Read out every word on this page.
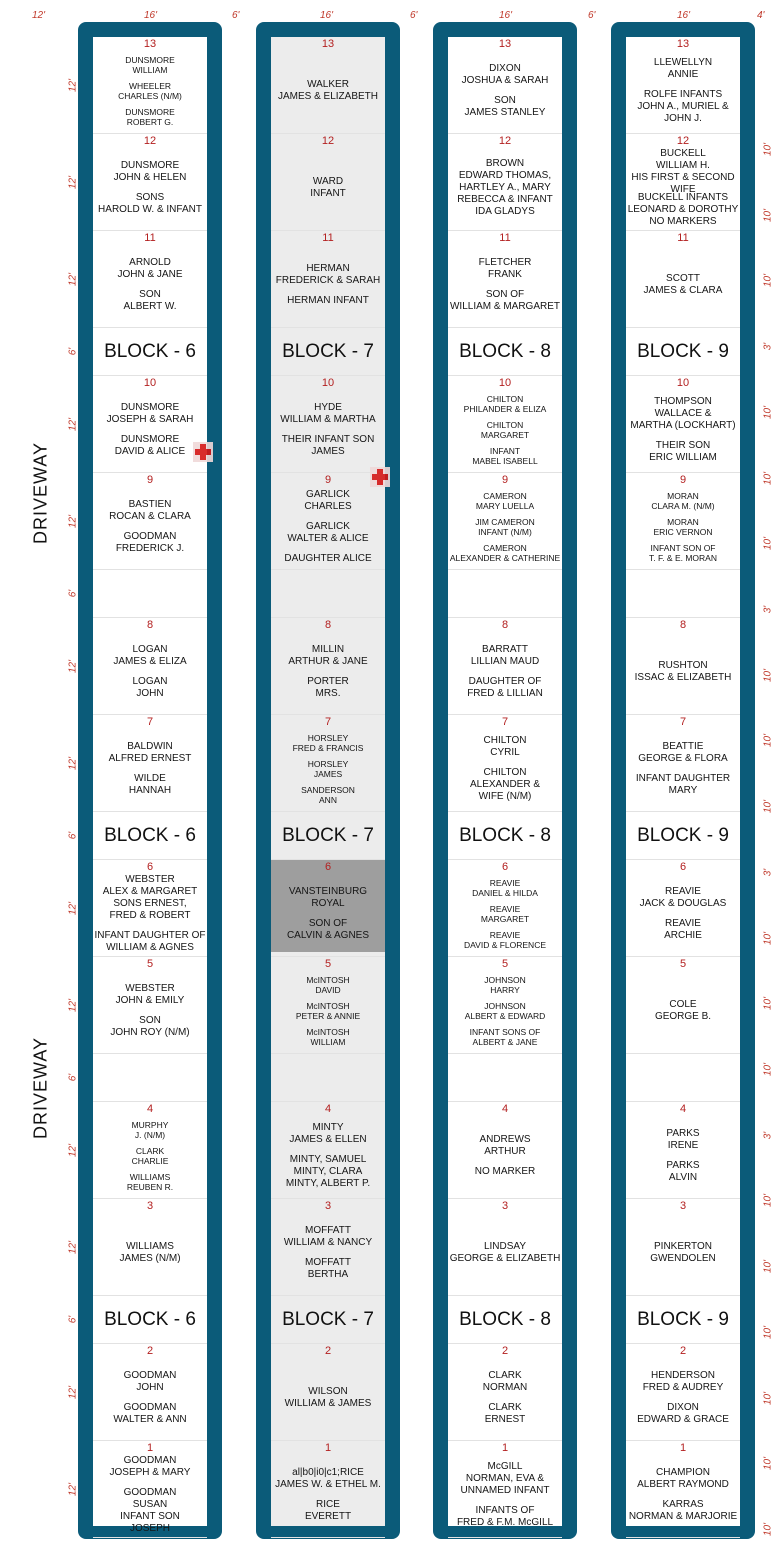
12'	16'	6'	16'	6'	16'	6'	16'	4'
12'
12'
12'
6'
12'
12'
6'
12'
12'
6'
12'
12'
6'
12'
12'
6'
12'
12'
10'
10'
10'
3'
10'
10'
10'
3'
10'
10'
10'
3'
10'
10'
10'
3'
10'
10'
10'
10'
10'
10'
DRIVEWAY
DRIVEWAY
BLOCK - 6
BLOCK - 6
BLOCK - 6
13
DUNSMORE
WILLIAM
WHEELER
CHARLES (N/M)
DUNSMORE
ROBERT G.
12
DUNSMORE
JOHN & HELEN
SONS
HAROLD W. & INFANT
11
ARNOLD
JOHN & JANE
SON
ALBERT W.
10
DUNSMORE
JOSEPH & SARAH
DUNSMORE
DAVID & ALICE
9
BASTIEN
ROCAN & CLARA
GOODMAN
FREDERICK J.
8
LOGAN
JAMES & ELIZA
LOGAN
JOHN
7
BALDWIN
ALFRED ERNEST
WILDE
HANNAH
6
WEBSTER
ALEX & MARGARET
SONS ERNEST,
FRED & ROBERT
INFANT DAUGHTER OF
WILLIAM & AGNES
5
WEBSTER
JOHN & EMILY
SON
JOHN ROY (N/M)
4
MURPHY
J. (N/M)
CLARK
CHARLIE
WILLIAMS
REUBEN R.
3
WILLIAMS
JAMES (N/M)
2
GOODMAN
JOHN
GOODMAN
WALTER & ANN
1
GOODMAN
JOSEPH & MARY
GOODMAN
SUSAN
INFANT SON
JOSEPH
BLOCK - 7
BLOCK - 7
BLOCK - 7
13
WALKER
JAMES & ELIZABETH
12
WARD
INFANT
11
HERMAN
FREDERICK & SARAH
HERMAN INFANT
10
HYDE
WILLIAM & MARTHA
THEIR INFANT SON
JAMES
9
GARLICK
CHARLES
GARLICK
WALTER & ALICE
DAUGHTER ALICE
8
MILLIN
ARTHUR & JANE
PORTER
MRS.
7
HORSLEY
FRED & FRANCIS
HORSLEY
JAMES
SANDERSON
ANN
6
VANSTEINBURG
ROYAL
SON OF
CALVIN & AGNES
5
McINTOSH
DAVID
McINTOSH
PETER & ANNIE
McINTOSH
WILLIAM
4
MINTY
JAMES & ELLEN
MINTY, SAMUEL
MINTY, CLARA
MINTY, ALBERT P.
3
MOFFATT
WILLIAM & NANCY
MOFFATT
BERTHA
2
WILSON
WILLIAM & JAMES
1
al|b0|i0|c1;RICE
JAMES W. & ETHEL M.
RICE
EVERETT
BLOCK - 8
BLOCK - 8
BLOCK - 8
13
DIXON
JOSHUA & SARAH
SON
JAMES STANLEY
12
BROWN
EDWARD THOMAS,
HARTLEY A., MARY
REBECCA & INFANT
IDA GLADYS
11
FLETCHER
FRANK
SON OF
WILLIAM & MARGARET
10
CHILTON
PHILANDER & ELIZA
CHILTON
MARGARET
INFANT
MABEL ISABELL
9
CAMERON
MARY LUELLA
JIM CAMERON
INFANT (N/M)
CAMERON
ALEXANDER & CATHERINE
8
BARRATT
LILLIAN MAUD
DAUGHTER OF
FRED & LILLIAN
7
CHILTON
CYRIL
CHILTON
ALEXANDER &
WIFE (N/M)
6
REAVIE
DANIEL & HILDA
REAVIE
MARGARET
REAVIE
DAVID & FLORENCE
5
JOHNSON
HARRY
JOHNSON
ALBERT & EDWARD
INFANT SONS OF
ALBERT & JANE
4
ANDREWS
ARTHUR
NO MARKER
3
LINDSAY
GEORGE & ELIZABETH
2
CLARK
NORMAN
CLARK
ERNEST
1
McGILL
NORMAN, EVA &
UNNAMED INFANT
INFANTS OF
FRED & F.M. McGILL
BLOCK - 9
BLOCK - 9
BLOCK - 9
13
LLEWELLYN
ANNIE
ROLFE INFANTS
JOHN A., MURIEL &
JOHN J.
12
BUCKELL
WILLIAM H.
HIS FIRST & SECOND WIFE
BUCKELL INFANTS
LEONARD & DOROTHY
NO MARKERS
11
SCOTT
JAMES & CLARA
10
THOMPSON
WALLACE &
MARTHA (LOCKHART)
THEIR SON
ERIC WILLIAM
9
MORAN
CLARA M. (N/M)
MORAN
ERIC VERNON
INFANT SON OF
T. F. & E. MORAN
8
RUSHTON
ISSAC & ELIZABETH
7
BEATTIE
GEORGE & FLORA
INFANT DAUGHTER
MARY
6
REAVIE
JACK & DOUGLAS
REAVIE
ARCHIE
5
COLE
GEORGE B.
4
PARKS
IRENE
PARKS
ALVIN
3
PINKERTON
GWENDOLEN
2
HENDERSON
FRED & AUDREY
DIXON
EDWARD & GRACE
1
CHAMPION
ALBERT RAYMOND
KARRAS
NORMAN & MARJORIE
